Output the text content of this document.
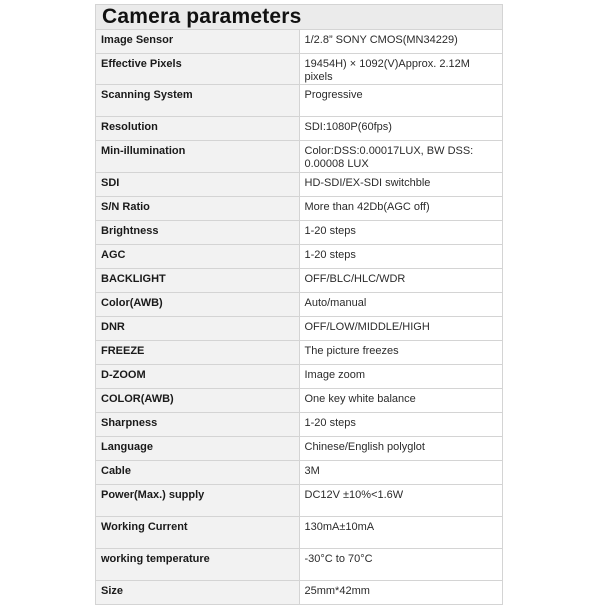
Camera parameters	
Image Sensor	1/2.8” SONY CMOS(MN34229)
Effective Pixels	19454H) × 1092(V)Approx. 2.12M pixels
Scanning System	Progressive
Resolution	SDI:1080P(60fps)
Min-illumination	Color:DSS:0.00017LUX, BW DSS: 0.00008 LUX
SDI	HD-SDI/EX-SDI switchble
S/N Ratio	More than 42Db(AGC off)
Brightness	1-20 steps
AGC	1-20 steps
BACKLIGHT	OFF/BLC/HLC/WDR
Color(AWB)	Auto/manual
DNR	OFF/LOW/MIDDLE/HIGH
FREEZE	The picture freezes
D-ZOOM	Image zoom
COLOR(AWB)	One key white balance
Sharpness	1-20 steps
Language	Chinese/English polyglot
Cable	3M
Power(Max.) supply	DC12V ±10%<1.6W
Working Current	130mA±10mA
working temperature	-30°C to 70°C
Size	25mm*42mm
